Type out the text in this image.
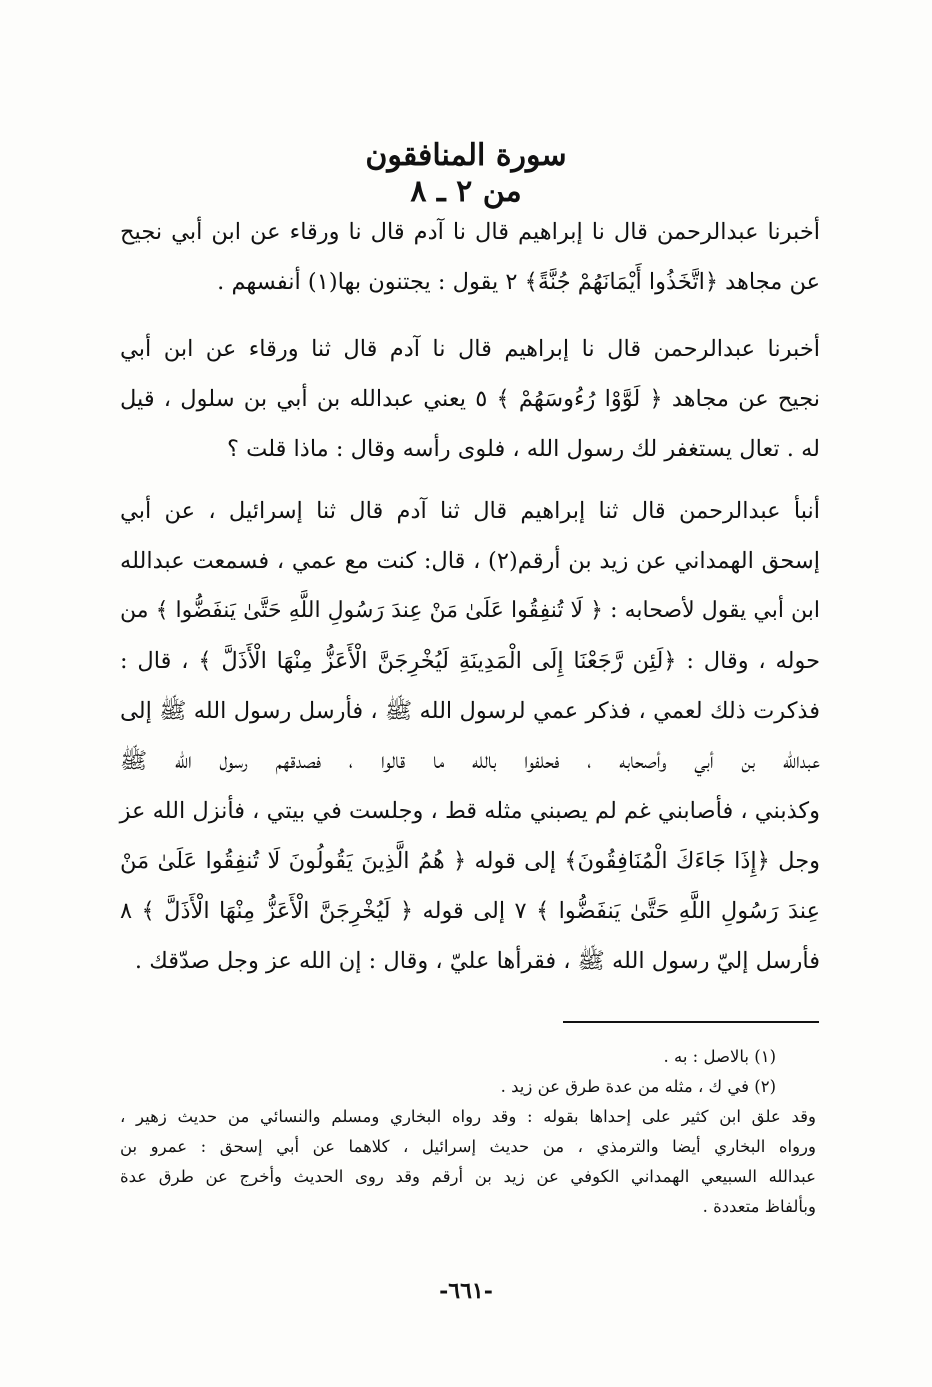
سورة المنافقون
من ٢ ـ ٨
أخبرنا عبدالرحمن قال نا إبراهيم قال نا آدم قال نا ورقاء عن ابن أبي نجيح
عن مجاهد ﴿اتَّخَذُوا أَيْمَانَهُمْ جُنَّةً﴾ ٢ يقول : يجتنون بها(١) أنفسهم .
أخبرنا عبدالرحمن قال نا إبراهيم قال نا آدم قال ثنا ورقاء عن ابن أبي
نجيح عن مجاهد ﴿ لَوَّوْا رُءُوسَهُمْ ﴾ ٥ يعني عبدالله بن أبي بن سلول ، قيل
له . تعال يستغفر لك رسول الله ، فلوى رأسه وقال : ماذا قلت ؟
أنبأ عبدالرحمن قال ثنا إبراهيم قال ثنا آدم قال ثنا إسرائيل ، عن أبي
إسحق الهمداني عن زيد بن أرقم(٢) ، قال: كنت مع عمي ، فسمعت عبدالله
ابن أبي يقول لأصحابه : ﴿ لَا تُنفِقُوا عَلَىٰ مَنْ عِندَ رَسُولِ اللَّهِ حَتَّىٰ يَنفَضُّوا ﴾ من
حوله ، وقال : ﴿لَئِن رَّجَعْنَا إِلَى الْمَدِينَةِ لَيُخْرِجَنَّ الْأَعَزُّ مِنْهَا الْأَذَلَّ ﴾ ، قال :
فذكرت ذلك لعمي ، فذكر عمي لرسول الله ﷺ ، فأرسل رسول الله ﷺ إلى
عبدالله بن أبي وأصحابه ، فحلفوا بالله ما قالوا ، فصدقهم رسول الله ﷺ
وكذبني ، فأصابني غم لم يصبني مثله قط ، وجلست في بيتي ، فأنزل الله عز
وجل ﴿إِذَا جَاءَكَ الْمُنَافِقُونَ﴾ إلى قوله ﴿ هُمُ الَّذِينَ يَقُولُونَ لَا تُنفِقُوا عَلَىٰ مَنْ
عِندَ رَسُولِ اللَّهِ حَتَّىٰ يَنفَضُّوا ﴾ ٧ إلى قوله ﴿ لَيُخْرِجَنَّ الْأَعَزُّ مِنْهَا الْأَذَلَّ ﴾ ٨
فأرسل إليّ رسول الله ﷺ ، فقرأها عليّ ، وقال : إن الله عز وجل صدّقك .
(١) بالاصل : به .
(٢) في ك ، مثله من عدة طرق عن زيد .
وقد علق ابن كثير على إحداها بقوله : وقد رواه البخاري ومسلم والنسائي من حديث زهير ،
ورواه البخاري أيضا والترمذي ، من حديث إسرائيل ، كلاهما عن أبي إسحق : عمرو بن
عبدالله السبيعي الهمداني الكوفي عن زيد بن أرقم وقد روى الحديث وأخرج عن طرق عدة
وبألفاظ متعددة .
-٦٦١-
